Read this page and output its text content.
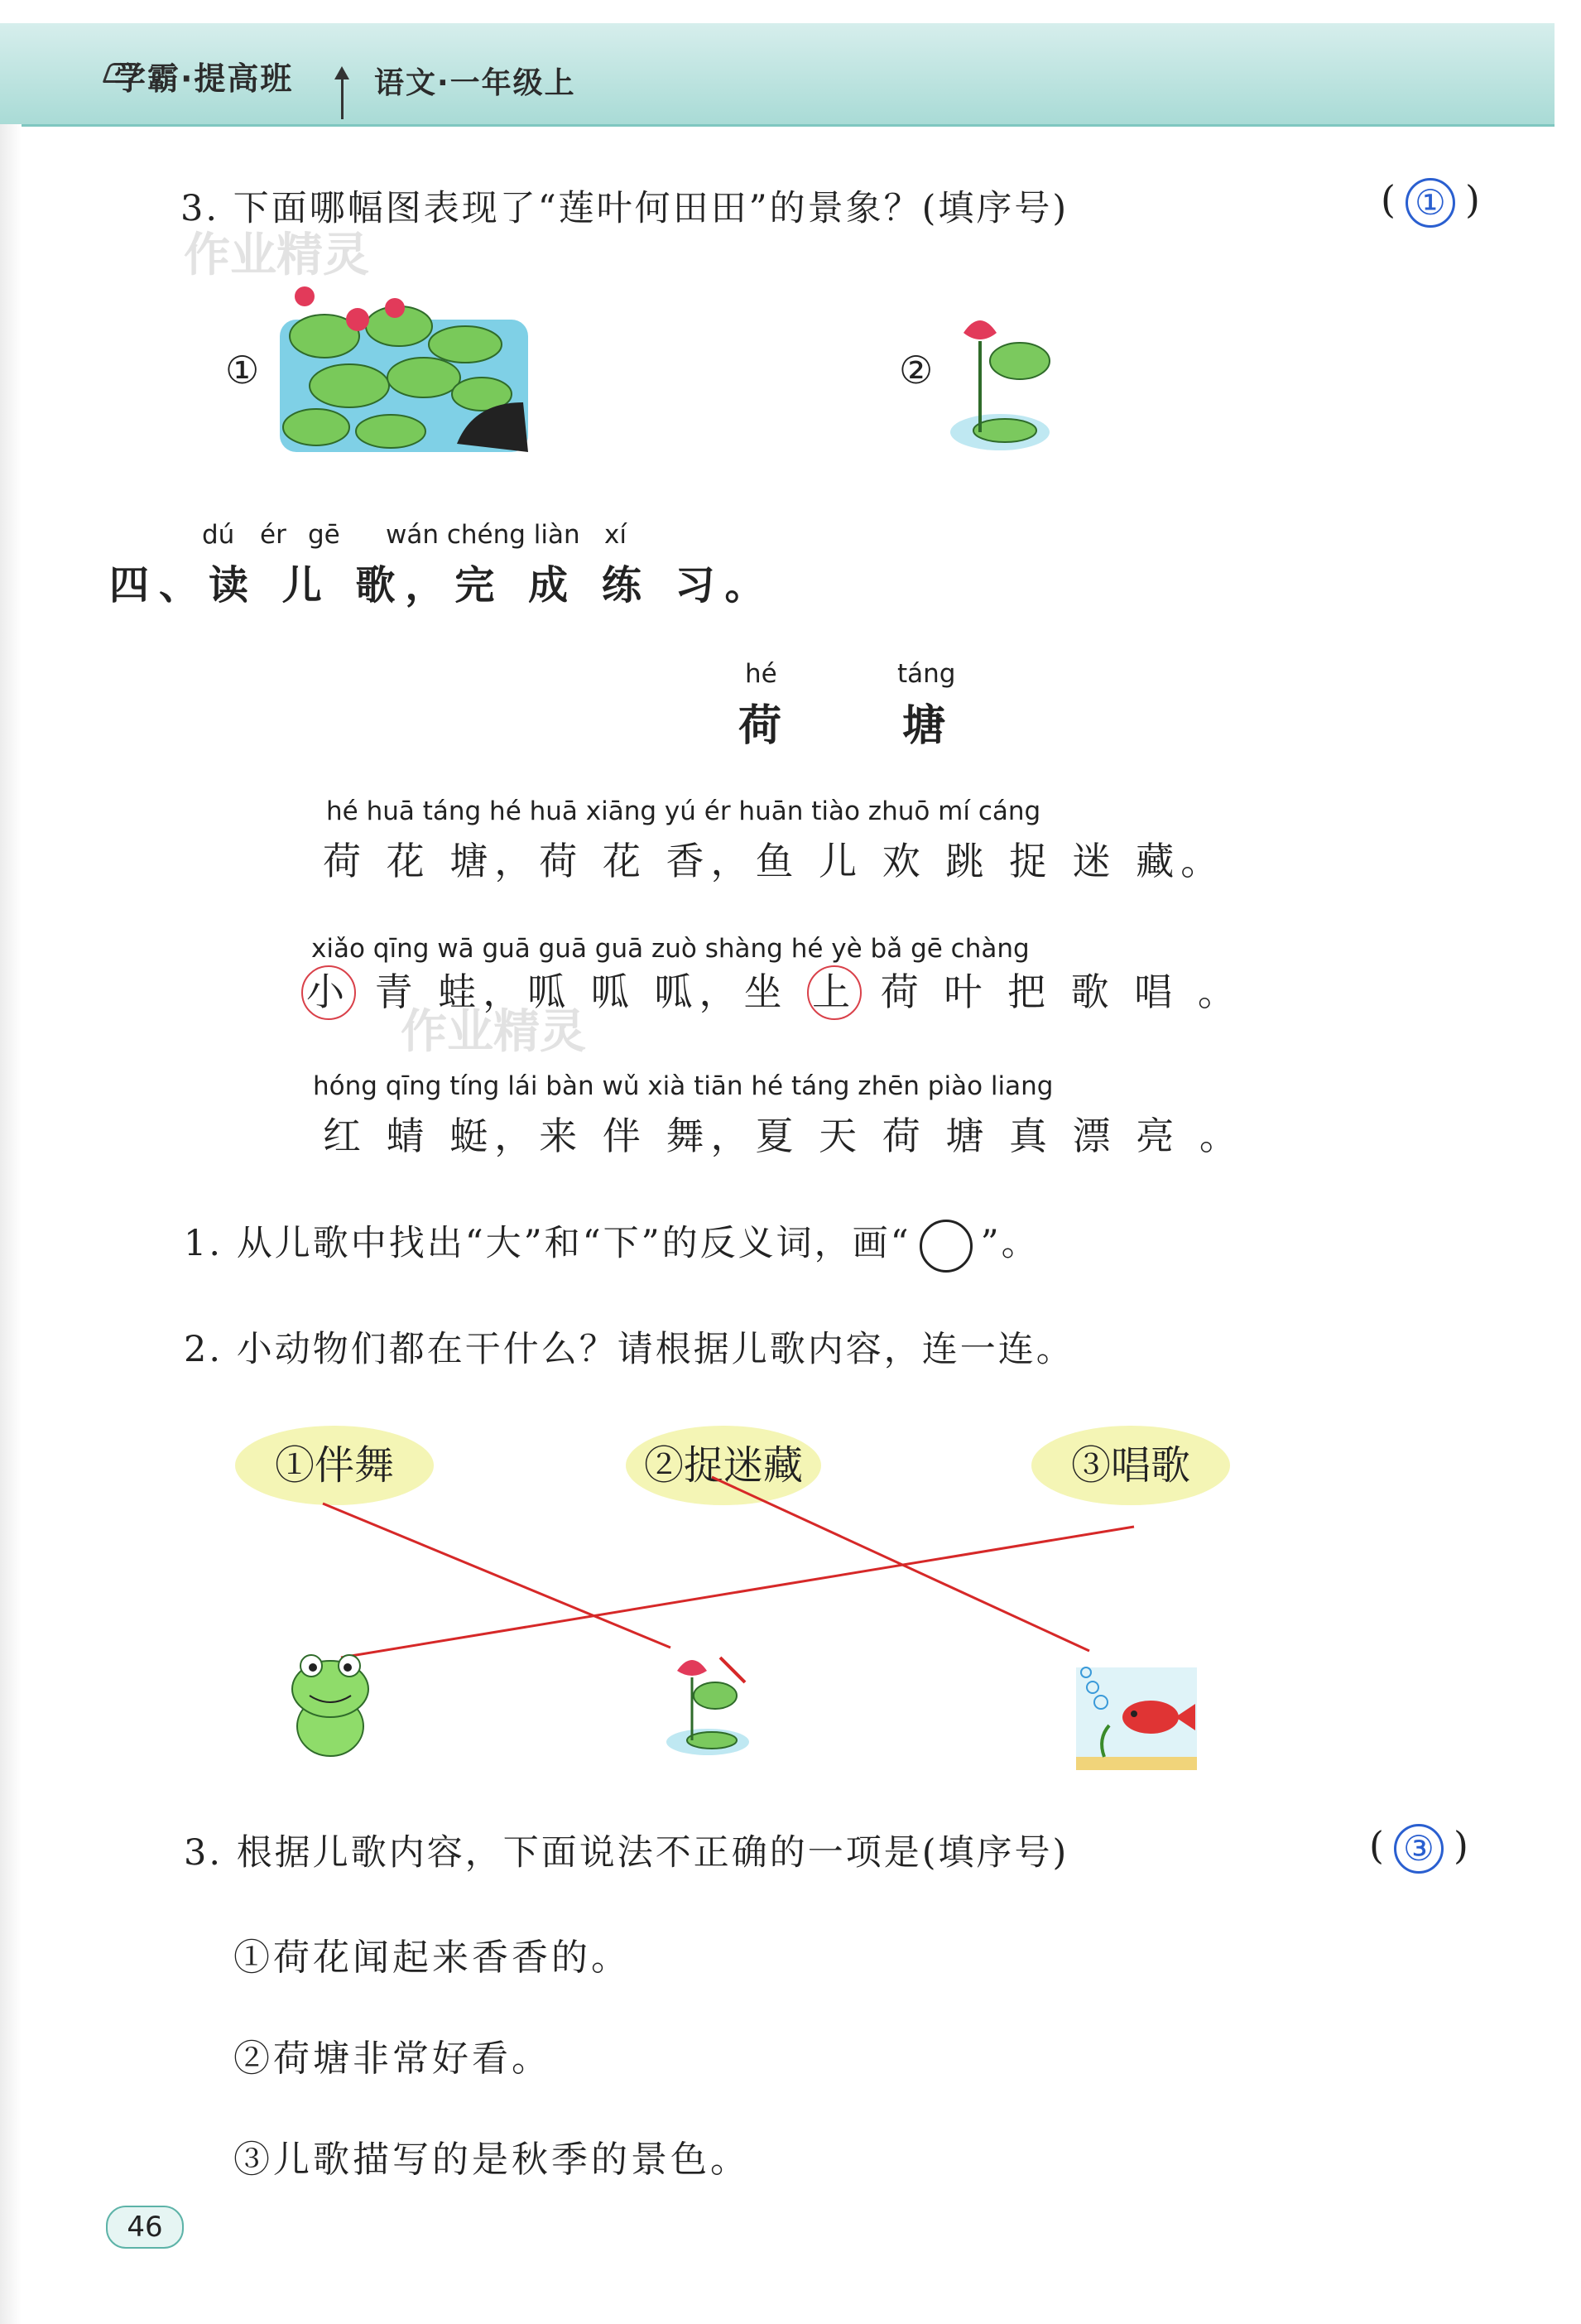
学霸·提高班	语文·一年级上
3. 下面哪幅图表现了“莲叶何田田”的景象？(填序号)	( ① )
作业精灵
①	②
dú ér gē wán chéng liàn xí
四、读 儿 歌，完 成 练 习。
hé	táng
荷	塘
hé huā táng hé huā xiāng yú ér huān tiào zhuō mí cáng
荷 花 塘，荷 花 香，鱼 儿 欢 跳 捉 迷 藏。
xiǎo qīng wā guā guā guā zuò shàng hé yè bǎ gē chàng
小 青 蛙，呱 呱 呱，坐 上 荷 叶 把 歌 唱 。
作业精灵
hóng qīng tíng lái bàn wǔ xià tiān hé táng zhēn piào liang
红 蜻 蜓，来 伴 舞，夏 天 荷 塘 真 漂 亮 。
1. 从儿歌中找出“大”和“下”的反义词，画“ ”。
2. 小动物们都在干什么？请根据儿歌内容，连一连。
①伴舞	②捉迷藏	③唱歌
3. 根据儿歌内容，下面说法不正确的一项是(填序号)	( ③ )
①荷花闻起来香香的。
②荷塘非常好看。
③儿歌描写的是秋季的景色。
46
